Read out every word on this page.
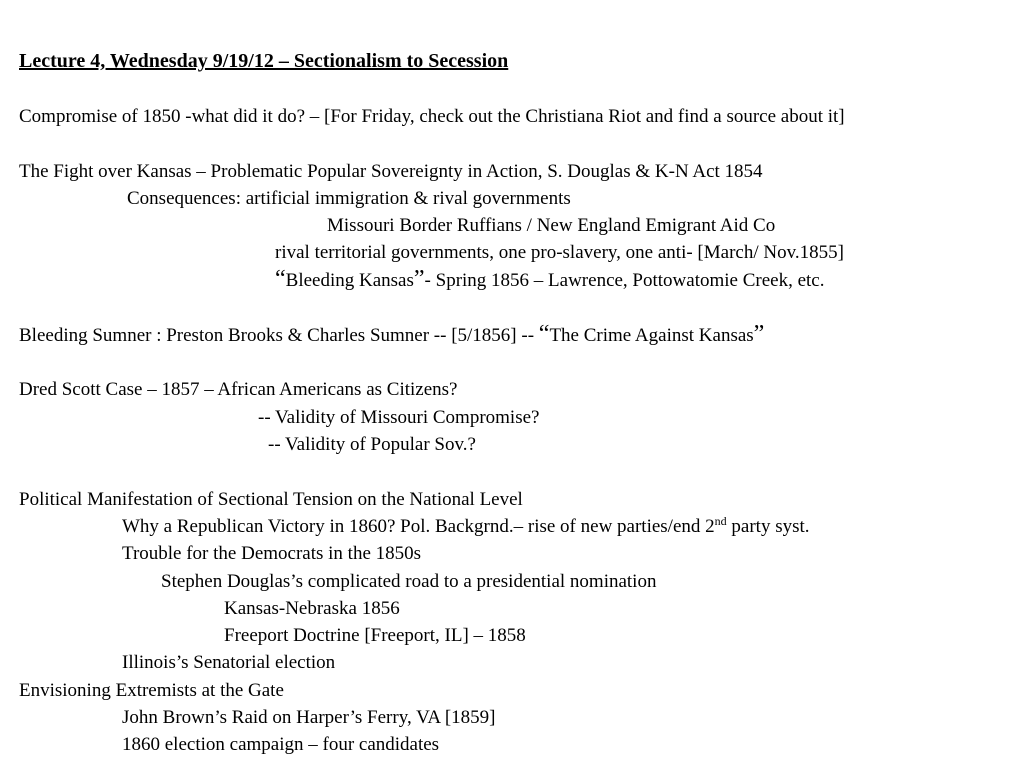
Lecture 4, Wednesday 9/19/12 – Sectionalism to Secession
Compromise of 1850 -what did it do? – [For Friday, check out the Christiana Riot and find a source about it]
The Fight over Kansas – Problematic Popular Sovereignty in Action, S. Douglas & K-N Act 1854
Consequences: artificial immigration & rival governments
Missouri Border Ruffians / New England Emigrant Aid Co
rival territorial governments, one pro-slavery, one anti- [March/ Nov.1855]
“Bleeding Kansas”- Spring 1856 – Lawrence, Pottowatomie Creek, etc.
Bleeding Sumner : Preston Brooks & Charles Sumner -- [5/1856] -- “The Crime Against Kansas”
Dred Scott Case – 1857 – African Americans as Citizens?
-- Validity of Missouri Compromise?
-- Validity of Popular Sov.?
Political Manifestation of Sectional Tension on the National Level
Why a Republican Victory in 1860? Pol. Backgrnd.– rise of new parties/end 2nd party syst.
Trouble for the Democrats in the 1850s
Stephen Douglas’s complicated road to a presidential nomination
Kansas-Nebraska 1856
Freeport Doctrine [Freeport, IL] – 1858
Illinois’s Senatorial election
Envisioning Extremists at the Gate
John Brown’s Raid on Harper’s Ferry, VA [1859]
1860 election campaign – four candidates
